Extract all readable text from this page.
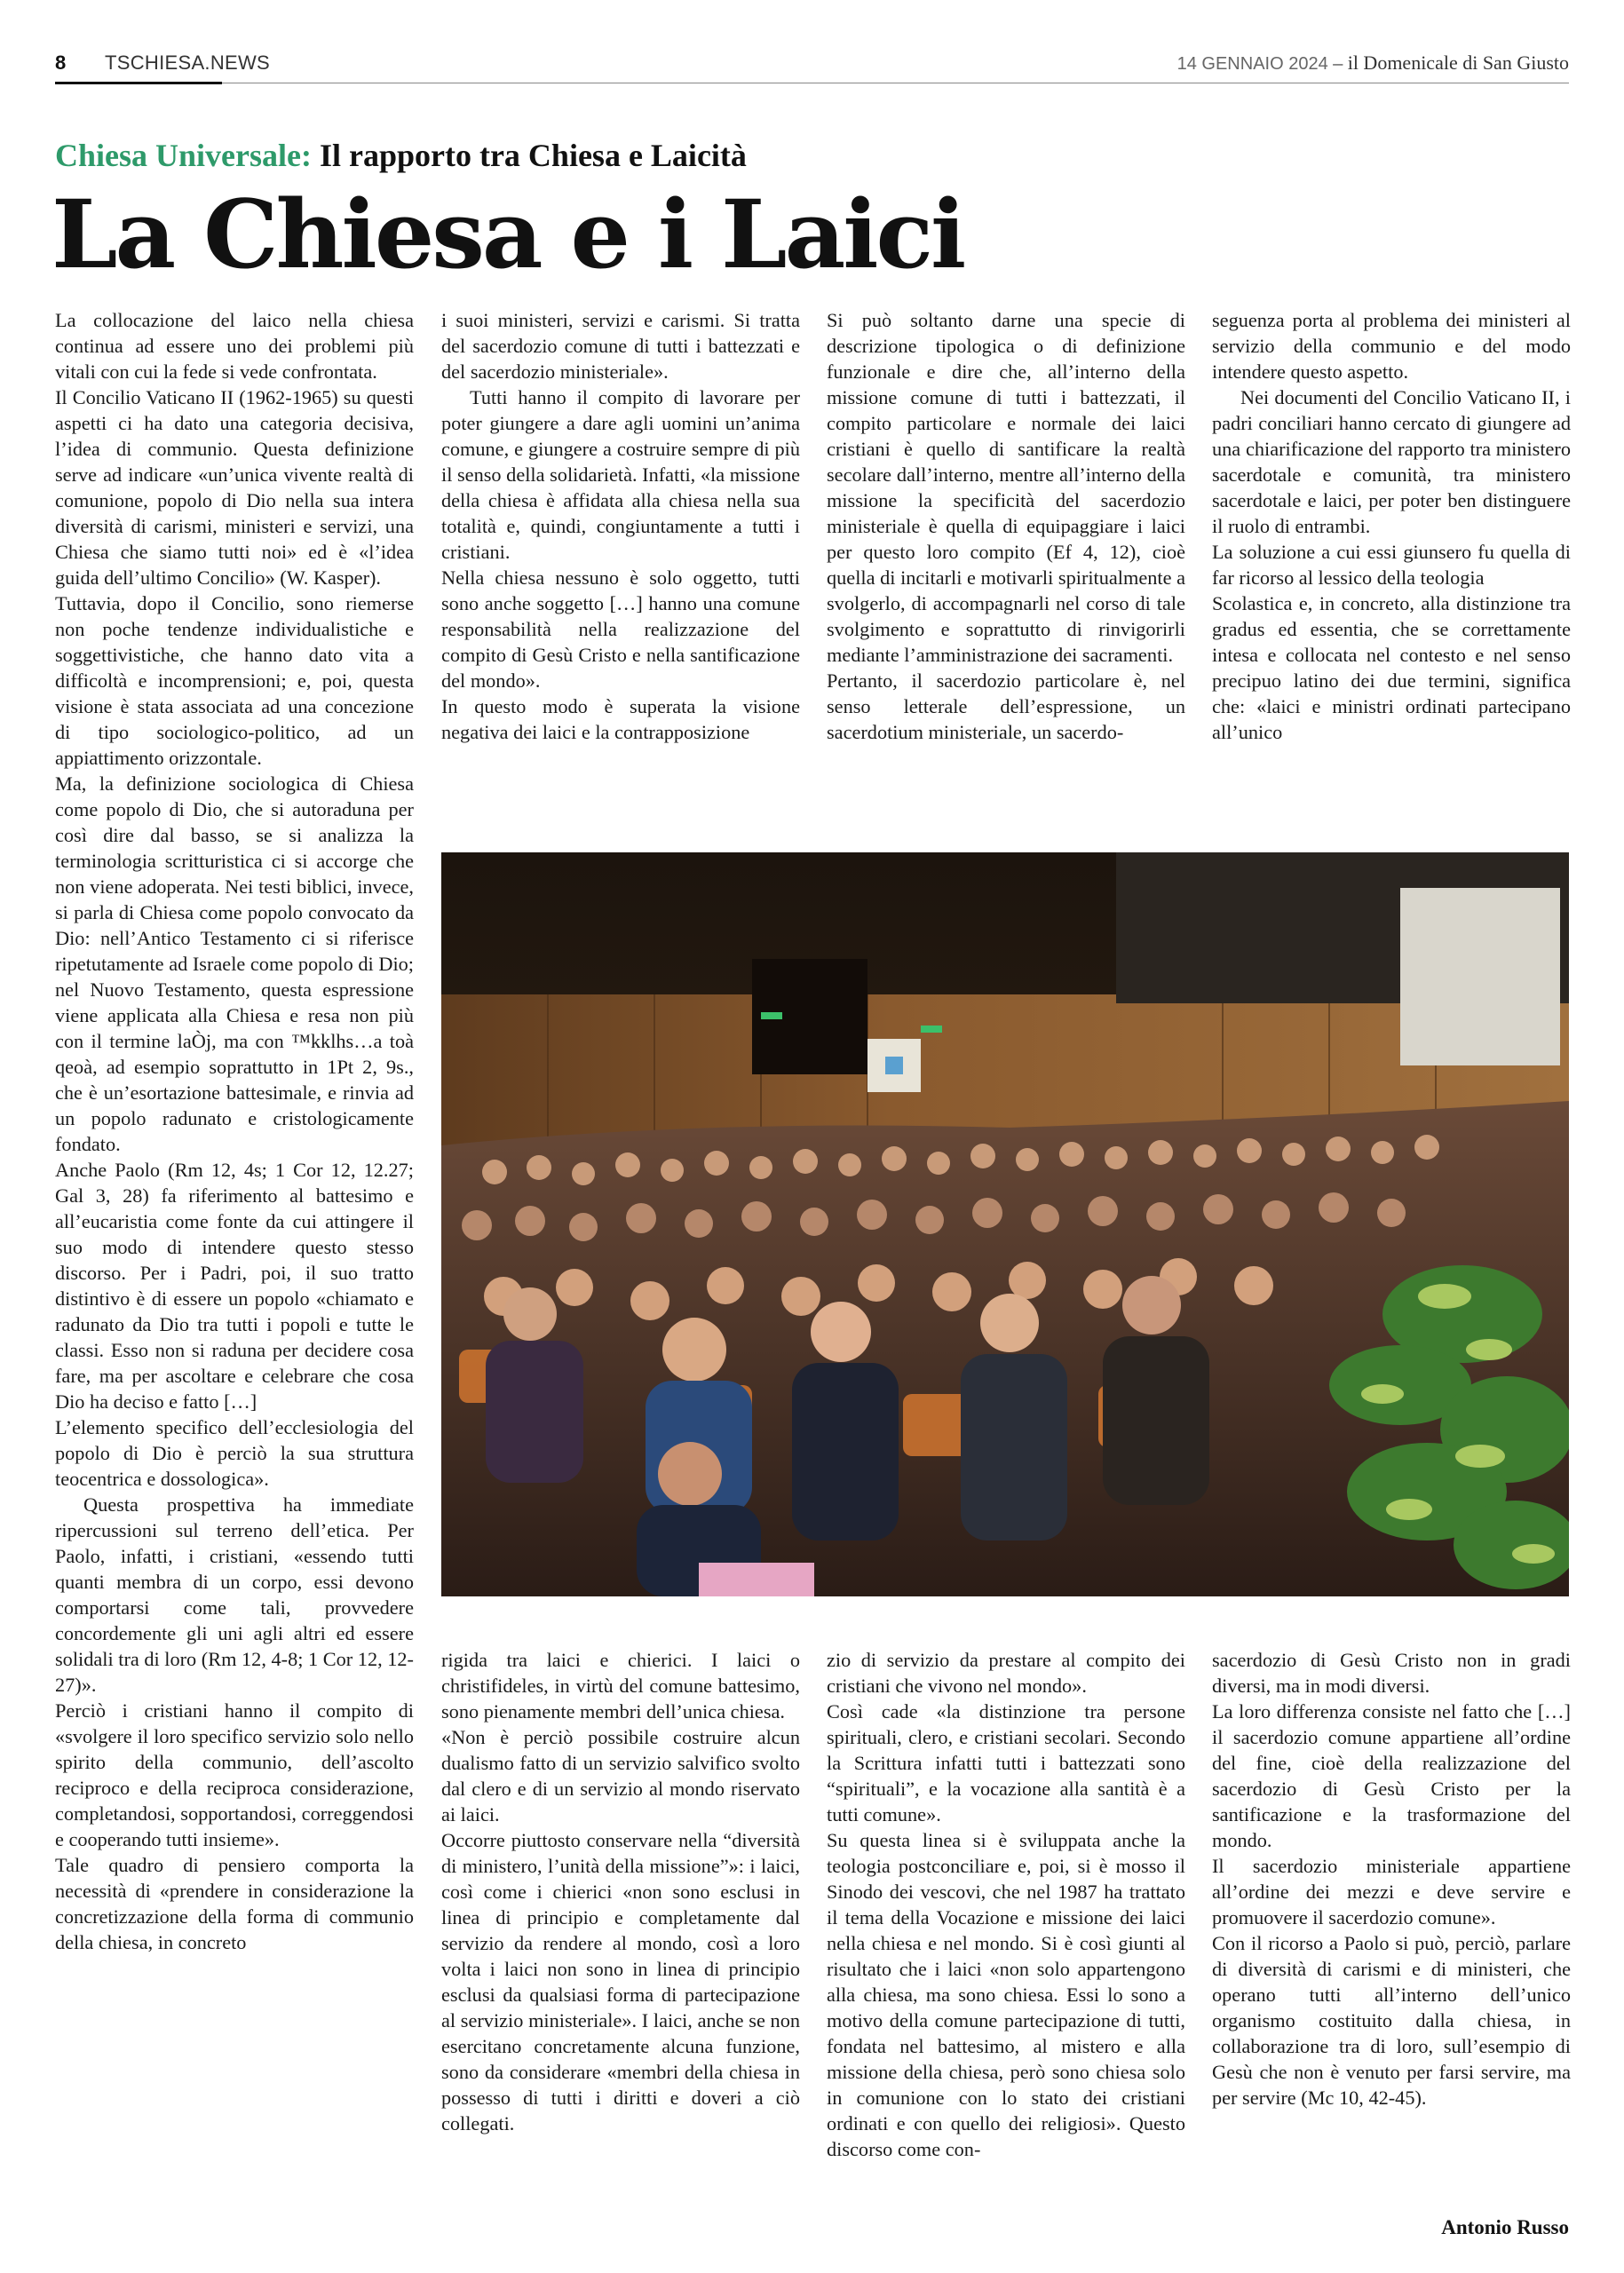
8 TSCHIESA.NEWS	14 GENNAIO 2024 – il Domenicale di San Giusto
Chiesa Universale: Il rapporto tra Chiesa e Laicità
La Chiesa e i Laici

La collocazione del laico nella chiesa continua ad essere uno dei problemi più vitali con cui la fede si vede confrontata.

Il Concilio Vaticano II (1962-1965) su questi aspetti ci ha dato una categoria decisiva, l’idea di communio. Questa definizione serve ad indicare «un’unica vivente realtà di comunione, popolo di Dio nella sua intera diversità di carismi, ministeri e servizi, una Chiesa che siamo tutti noi» ed è «l’idea guida dell’ultimo Concilio» (W. Kasper).

Tuttavia, dopo il Concilio, sono riemerse non poche tendenze individualistiche e soggettivistiche, che hanno dato vita a difficoltà e incomprensioni; e, poi, questa visione è stata associata ad una concezione di tipo sociologico-politico, ad un appiattimento orizzontale.

Ma, la definizione sociologica di Chiesa come popolo di Dio, che si autoraduna per così dire dal basso, se si analizza la terminologia scritturistica ci si accorge che non viene adoperata. Nei testi biblici, invece, si parla di Chiesa come popolo convocato da Dio: nell’Antico Testamento ci si riferisce ripetutamente ad Israele come popolo di Dio; nel Nuovo Testamento, questa espressione viene applicata alla Chiesa e resa non più con il termine laÒj, ma con ™kklhs…a toà qeoà, ad esempio soprattutto in 1Pt 2, 9s., che è un’esortazione battesimale, e rinvia ad un popolo radunato e cristologicamente fondato.

Anche Paolo (Rm 12, 4s; 1 Cor 12, 12.27; Gal 3, 28) fa riferimento al battesimo e all’eucaristia come fonte da cui attingere il suo modo di intendere questo stesso discorso. Per i Padri, poi, il suo tratto distintivo è di essere un popolo «chiamato e radunato da Dio tra tutti i popoli e tutte le classi. Esso non si raduna per decidere cosa fare, ma per ascoltare e celebrare che cosa Dio ha deciso e fatto […]

L’elemento specifico dell’ecclesiologia del popolo di Dio è perciò la sua struttura teocentrica e dossologica».

Questa prospettiva ha immediate ripercussioni sul terreno dell’etica. Per Paolo, infatti, i cristiani, «essendo tutti quanti membra di un corpo, essi devono comportarsi come tali, provvedere concordemente gli uni agli altri ed essere solidali tra di loro (Rm 12, 4-8; 1 Cor 12, 12-27)».

Perciò i cristiani hanno il compito di «svolgere il loro specifico servizio solo nello spirito della communio, dell’ascolto reciproco e della reciproca considerazione, completandosi, sopportandosi, correggendosi e cooperando tutti insieme».

Tale quadro di pensiero comporta la necessità di «prendere in considerazione la concretizzazione della forma di communio della chiesa, in concreto

i suoi ministeri, servizi e carismi. Si tratta del sacerdozio comune di tutti i battezzati e del sacerdozio ministeriale».

Tutti hanno il compito di lavorare per poter giungere a dare agli uomini un’anima comune, e giungere a costruire sempre di più il senso della solidarietà. Infatti, «la missione della chiesa è affidata alla chiesa nella sua totalità e, quindi, congiuntamente a tutti i cristiani.

Nella chiesa nessuno è solo oggetto, tutti sono anche soggetto […] hanno una comune responsabilità nella realizzazione del compito di Gesù Cristo e nella santificazione del mondo».

In questo modo è superata la visione negativa dei laici e la contrapposizione

Si può soltanto darne una specie di descrizione tipologica o di definizione funzionale e dire che, all’interno della missione comune di tutti i battezzati, il compito particolare e normale dei laici cristiani è quello di santificare la realtà secolare dall’interno, mentre all’interno della missione la specificità del sacerdozio ministeriale è quella di equipaggiare i laici per questo loro compito (Ef 4, 12), cioè quella di incitarli e motivarli spiritualmente a svolgerlo, di accompagnarli nel corso di tale svolgimento e soprattutto di rinvigorirli mediante l’amministrazione dei sacramenti.

Pertanto, il sacerdozio particolare è, nel senso letterale dell’espressione, un sacerdotium ministeriale, un sacerdo-

seguenza porta al problema dei ministeri al servizio della communio e del modo intendere questo aspetto.

Nei documenti del Concilio Vaticano II, i padri conciliari hanno cercato di giungere ad una chiarificazione del rapporto tra ministero sacerdotale e comunità, tra ministero sacerdotale e laici, per poter ben distinguere il ruolo di entrambi.

La soluzione a cui essi giunsero fu quella di far ricorso al lessico della teologia

Scolastica e, in concreto, alla distinzione tra gradus ed essentia, che se correttamente intesa e collocata nel contesto e nel senso precipuo latino dei due termini, significa che: «laici e ministri ordinati partecipano all’unico

rigida tra laici e chierici. I laici o christifideles, in virtù del comune battesimo, sono pienamente membri dell’unica chiesa.

«Non è perciò possibile costruire alcun dualismo fatto di un servizio salvifico svolto dal clero e di un servizio al mondo riservato ai laici.

Occorre piuttosto conservare nella “diversità di ministero, l’unità della missione”»: i laici, così come i chierici «non sono esclusi in linea di principio e completamente dal servizio da rendere al mondo, così a loro volta i laici non sono in linea di principio esclusi da qualsiasi forma di partecipazione al servizio ministeriale». I laici, anche se non esercitano concretamente alcuna funzione, sono da considerare «membri della chiesa in possesso di tutti i diritti e doveri a ciò collegati.

zio di servizio da prestare al compito dei cristiani che vivono nel mondo».

Così cade «la distinzione tra persone spirituali, clero, e cristiani secolari. Secondo la Scrittura infatti tutti i battezzati sono “spirituali”, e la vocazione alla santità è a tutti comune».

Su questa linea si è sviluppata anche la teologia postconciliare e, poi, si è mosso il Sinodo dei vescovi, che nel 1987 ha trattato il tema della Vocazione e missione dei laici nella chiesa e nel mondo. Si è così giunti al risultato che i laici «non solo appartengono alla chiesa, ma sono chiesa. Essi lo sono a motivo della comune partecipazione di tutti, fondata nel battesimo, al mistero e alla missione della chiesa, però sono chiesa solo in comunione con lo stato dei cristiani ordinati e con quello dei religiosi». Questo discorso come con-

sacerdozio di Gesù Cristo non in gradi diversi, ma in modi diversi.

La loro differenza consiste nel fatto che […] il sacerdozio comune appartiene all’ordine del fine, cioè della realizzazione del sacerdozio di Gesù Cristo per la santificazione e la trasformazione del mondo.

Il sacerdozio ministeriale appartiene all’ordine dei mezzi e deve servire e promuovere il sacerdozio comune».

Con il ricorso a Paolo si può, perciò, parlare di diversità di carismi e di ministeri, che operano tutti all’interno dell’unico organismo costituito dalla chiesa, in collaborazione tra di loro, sull’esempio di Gesù che non è venuto per farsi servire, ma per servire (Mc 10, 42-45).

Antonio Russo
